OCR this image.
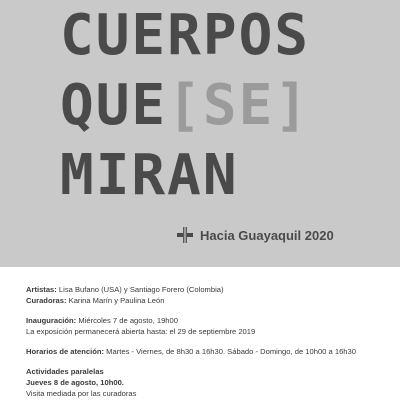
CUERPOS
QUE[SE]
MIRAN
Hacia Guayaquil 2020

Artistas: Lisa Bufano (USA) y Santiago Forero (Colombia)

Curadoras: Karina Marín y Paulina León

Inauguración: Miércoles 7 de agosto, 19h00

La exposición permanecerá abierta hasta: el 29 de septiembre 2019

Horarios de atención: Martes - Viernes, de 8h30 a 16h30. Sábado - Domingo, de 10h00 a 16h30

Actividades paralelas

Jueves 8 de agosto, 10h00.

Visita mediada por las curadoras
